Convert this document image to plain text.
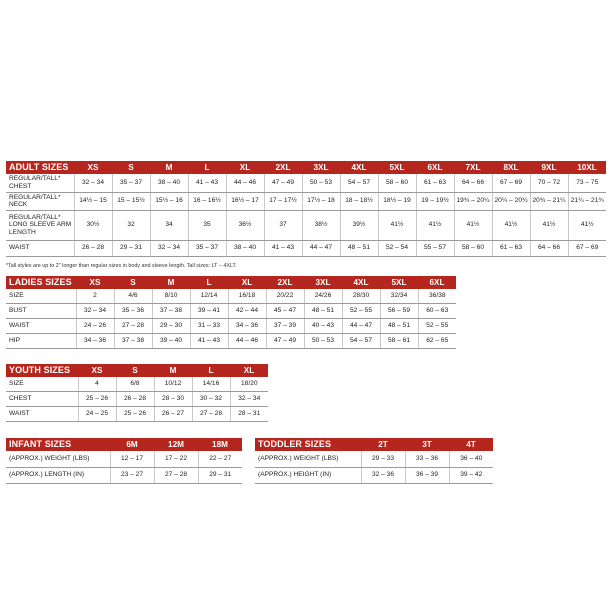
ADULT SIZES	XS	S	M	L	XL	2XL	3XL	4XL	5XL	6XL	7XL	8XL	9XL	10XL
REGULAR/TALL* CHEST	32 – 34	35 – 37	38 – 40	41 – 43	44 – 46	47 – 49	50 – 53	54 – 57	58 – 60	61 – 63	64 – 66	67 – 69	70 – 72	73 – 75
REGULAR/TALL* NECK	14½ – 15	15 – 15½	15½ – 16	16 – 16½	16½ – 17	17 – 17½	17½ – 18	18 – 18½	18½ – 19	19 – 19½	19¾ – 20¼	20¼ – 20¾	20¾ – 21¼	21¼ – 21¾
REGULAR/TALL* LONG SLEEVE ARM LENGTH	30½	32	34	35	36½	37	38½	39½	41½	41½	41½	41½	41½	41½
WAIST	26 – 28	29 – 31	32 – 34	35 – 37	38 – 40	41 – 43	44 – 47	48 – 51	52 – 54	55 – 57	58 – 60	61 – 63	64 – 66	67 – 69
*Tall styles are up to 2" longer than regular sizes in body and sleeve length. Tall sizes: LT – 4XLT.
LADIES SIZES	XS	S	M	L	XL	2XL	3XL	4XL	5XL	6XL
SIZE	2	4/6	8/10	12/14	16/18	20/22	24/26	28/30	32/34	36/38
BUST	32 – 34	35 – 36	37 – 38	39 – 41	42 – 44	45 – 47	48 – 51	52 – 55	56 – 59	60 – 63
WAIST	24 – 26	27 – 28	29 – 30	31 – 33	34 – 36	37 – 39	40 – 43	44 – 47	48 – 51	52 – 55
HIP	34 – 36	37 – 38	39 – 40	41 – 43	44 – 46	47 – 49	50 – 53	54 – 57	58 – 61	62 – 65
YOUTH SIZES	XS	S	M	L	XL
SIZE	4	6/8	10/12	14/16	18/20
CHEST	25 – 26	26 – 28	28 – 30	30 – 32	32 – 34
WAIST	24 – 25	25 – 26	26 – 27	27 – 28	28 – 31
INFANT SIZES	6M	12M	18M
(APPROX.) WEIGHT (LBS)	12 – 17	17 – 22	22 – 27
(APPROX.) LENGTH (IN)	23 – 27	27 – 28	29 – 31
TODDLER SIZES	2T	3T	4T
(APPROX.) WEIGHT (LBS)	29 – 33	33 – 36	36 – 40
(APPROX.) HEIGHT (IN)	32 – 36	36 – 39	39 – 42
